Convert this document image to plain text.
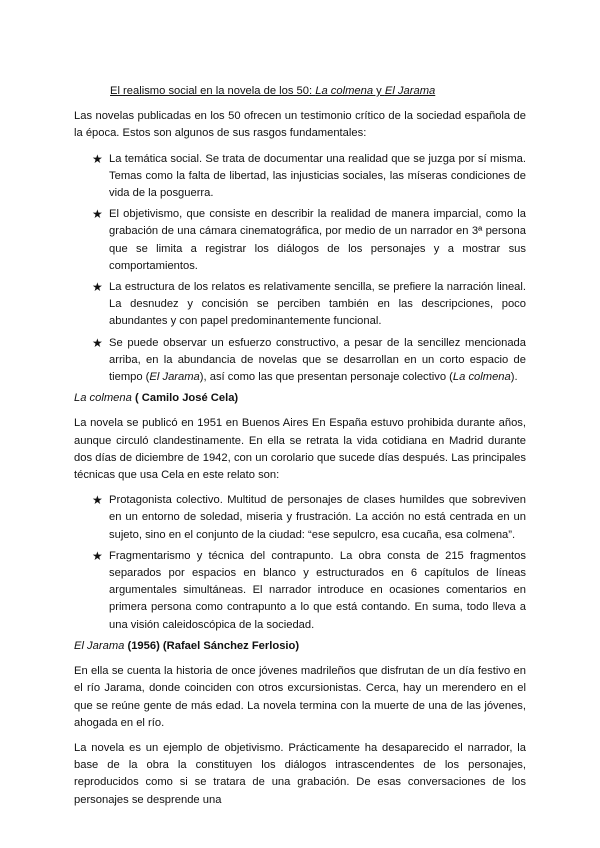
El realismo social en la novela de los 50: La colmena y El Jarama

Las novelas publicadas en los 50 ofrecen un testimonio crítico de la sociedad española de la época. Estos son algunos de sus rasgos fundamentales:

★ La temática social. Se trata de documentar una realidad que se juzga por sí misma. Temas como la falta de libertad, las injusticias sociales, las míseras condiciones de vida de la posguerra.
★ El objetivismo, que consiste en describir la realidad de manera imparcial, como la grabación de una cámara cinematográfica, por medio de un narrador en 3ª persona que se limita a registrar los diálogos de los personajes y a mostrar sus comportamientos.
★ La estructura de los relatos es relativamente sencilla, se prefiere la narración lineal. La desnudez y concisión se perciben también en las descripciones, poco abundantes y con papel predominantemente funcional.
★ Se puede observar un esfuerzo constructivo, a pesar de la sencillez mencionada arriba, en la abundancia de novelas que se desarrollan en un corto espacio de tiempo (El Jarama), así como las que presentan personaje colectivo (La colmena).
La colmena ( Camilo José Cela)

La novela se publicó en 1951 en Buenos Aires En España estuvo prohibida durante años, aunque circuló clandestinamente. En ella se retrata la vida cotidiana en Madrid durante dos días de diciembre de 1942, con un corolario que sucede días después. Las principales técnicas que usa Cela en este relato son:

★ Protagonista colectivo. Multitud de personajes de clases humildes que sobreviven en un entorno de soledad, miseria y frustración. La acción no está centrada en un sujeto, sino en el conjunto de la ciudad: “ese sepulcro, esa cucaña, esa colmena”.
★ Fragmentarismo y técnica del contrapunto. La obra consta de 215 fragmentos separados por espacios en blanco y estructurados en 6 capítulos de líneas argumentales simultáneas. El narrador introduce en ocasiones comentarios en primera persona como contrapunto a lo que está contando. En suma, todo lleva a una visión caleidoscópica de la sociedad.
El Jarama (1956) (Rafael Sánchez Ferlosio)

En ella se cuenta la historia de once jóvenes madrileños que disfrutan de un día festivo en el río Jarama, donde coinciden con otros excursionistas. Cerca, hay un merendero en el que se reúne gente de más edad. La novela termina con la muerte de una de las jóvenes, ahogada en el río.

La novela es un ejemplo de objetivismo. Prácticamente ha desaparecido el narrador, la base de la obra la constituyen los diálogos intrascendentes de los personajes, reproducidos como si se tratara de una grabación. De esas conversaciones de los personajes se desprende una
